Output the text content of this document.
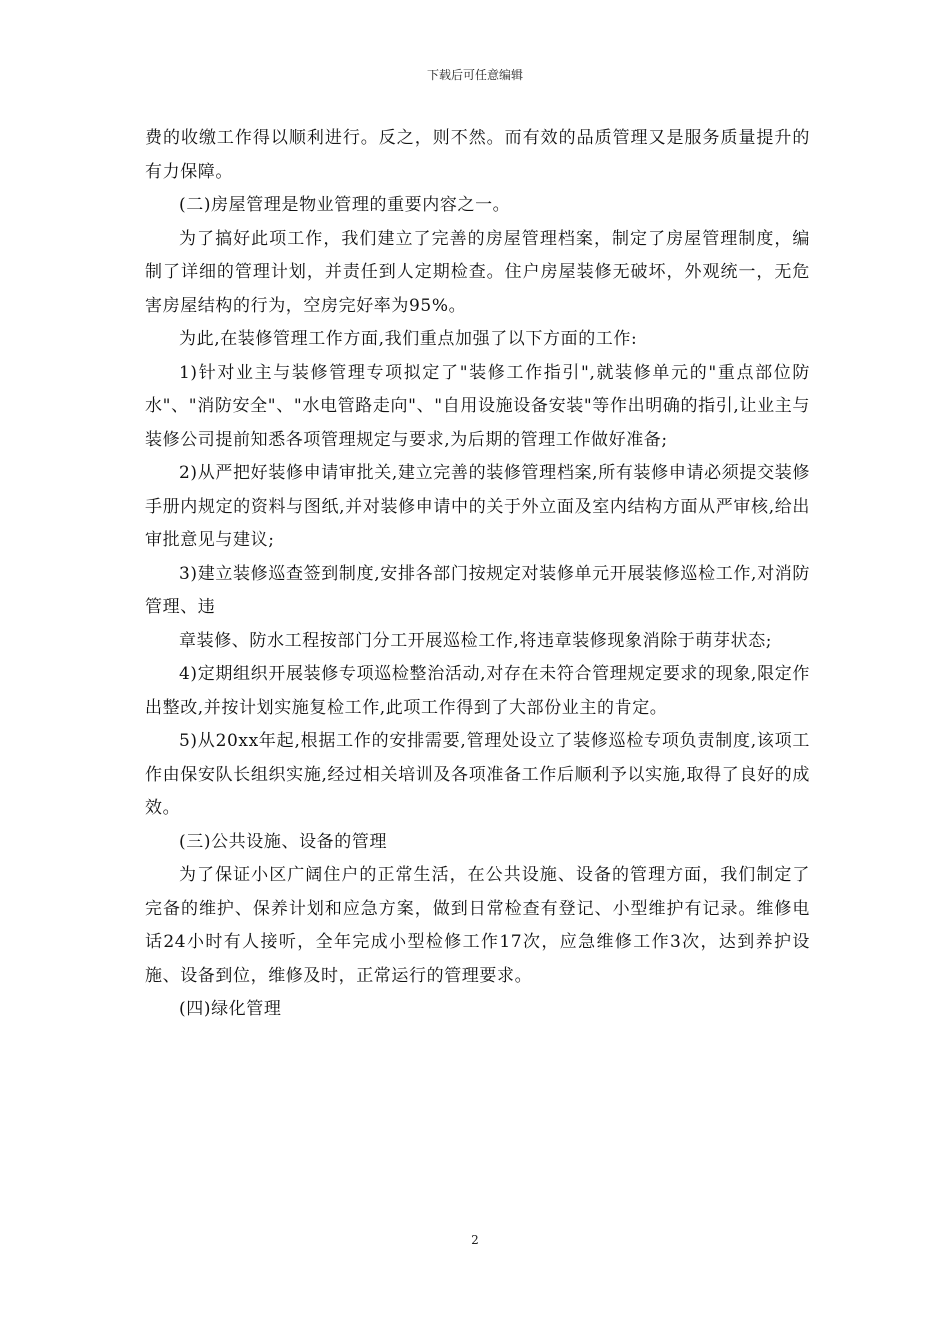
下载后可任意编辑

费的收缴工作得以顺利进行。反之，则不然。而有效的品质管理又是服务质量提升的有力保障。

(二)房屋管理是物业管理的重要内容之一。

为了搞好此项工作，我们建立了完善的房屋管理档案，制定了房屋管理制度，编制了详细的管理计划，并责任到人定期检查。住户房屋装修无破坏，外观统一，无危害房屋结构的行为，空房完好率为95%。

为此,在装修管理工作方面,我们重点加强了以下方面的工作:

1)针对业主与装修管理专项拟定了"装修工作指引",就装修单元的"重点部位防水"、"消防安全"、"水电管路走向"、"自用设施设备安装"等作出明确的指引,让业主与装修公司提前知悉各项管理规定与要求,为后期的管理工作做好准备;

2)从严把好装修申请审批关,建立完善的装修管理档案,所有装修申请必须提交装修手册内规定的资料与图纸,并对装修申请中的关于外立面及室内结构方面从严审核,给出审批意见与建议;

3)建立装修巡查签到制度,安排各部门按规定对装修单元开展装修巡检工作,对消防管理、违

章装修、防水工程按部门分工开展巡检工作,将违章装修现象消除于萌芽状态;

4)定期组织开展装修专项巡检整治活动,对存在未符合管理规定要求的现象,限定作出整改,并按计划实施复检工作,此项工作得到了大部份业主的肯定。

5)从20xx年起,根据工作的安排需要,管理处设立了装修巡检专项负责制度,该项工作由保安队长组织实施,经过相关培训及各项准备工作后顺利予以实施,取得了良好的成效。

(三)公共设施、设备的管理

为了保证小区广阔住户的正常生活，在公共设施、设备的管理方面，我们制定了完备的维护、保养计划和应急方案，做到日常检查有登记、小型维护有记录。维修电话24小时有人接听，全年完成小型检修工作17次，应急维修工作3次，达到养护设施、设备到位，维修及时，正常运行的管理要求。

(四)绿化管理

2
